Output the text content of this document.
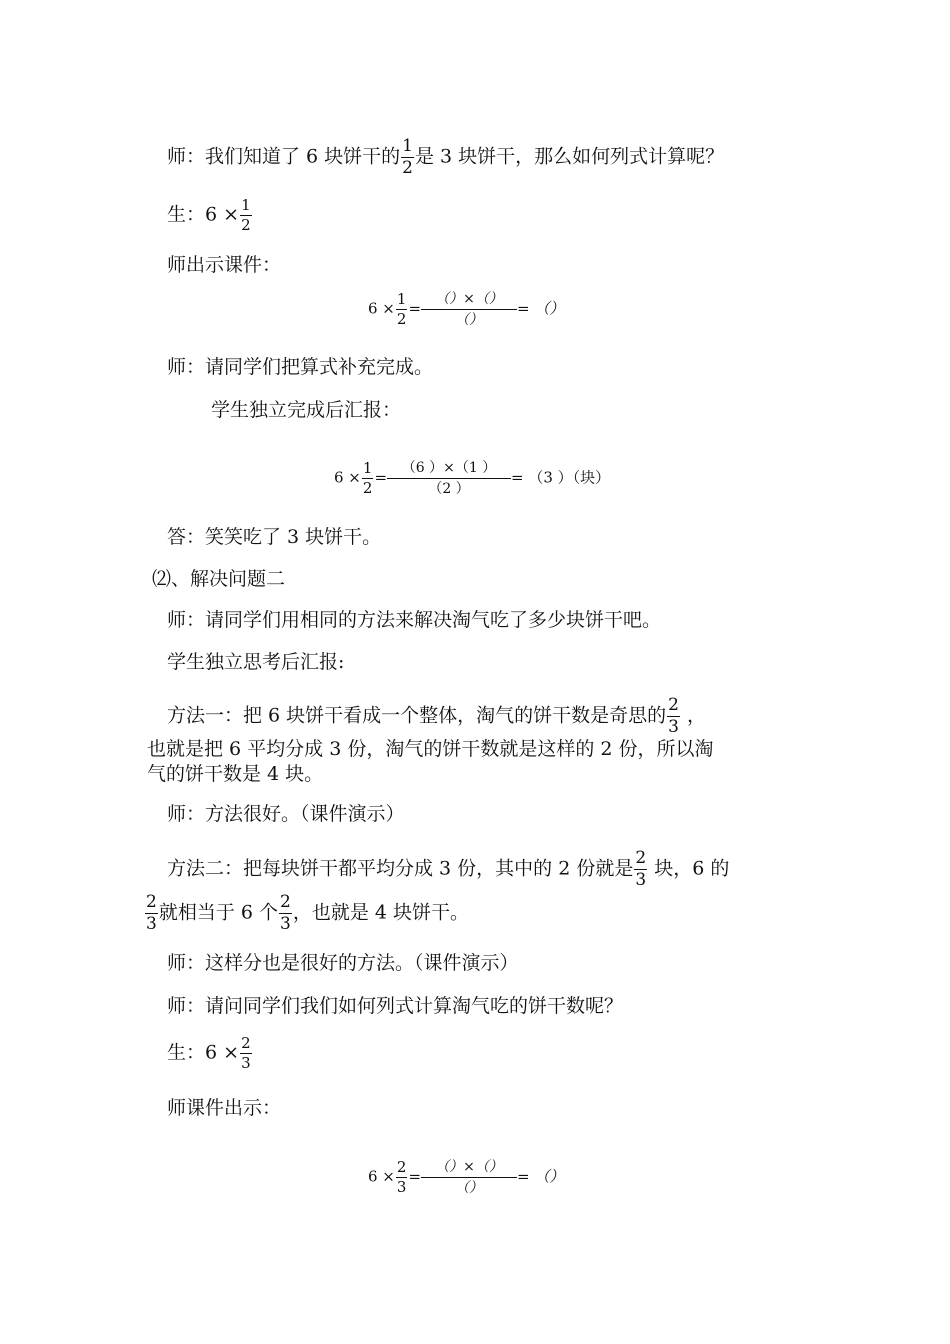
师：我们知道了 6 块饼干的 $\frac{1}{2}$ 是 3 块饼干，那么如何列式计算呢？
生：$6 \times \frac{1}{2}$
师出示课件：
$6 \times \frac{1}{2} = \frac{()\times()}{()}$ = （）
师：请同学们把算式补充完成。
学生独立完成后汇报：
$6 \times \frac{1}{2} = \frac{(6 )\times(1 )}{(2 )} = (3$ ）（块）
答：笑笑吃了 3 块饼干。
⑵、解决问题二
师：请同学们用相同的方法来解决淘气吃了多少块饼干吧。
学生独立思考后汇报:
方法一：把 6 块饼干看成一个整体，淘气的饼干数是奇思的 $\frac{2}{3}$ ，
也就是把 6 平均分成 3 份，淘气的饼干数就是这样的 2 份，所以淘
气的饼干数是 4 块。
师：方法很好。（课件演示）
方法二：把每块饼干都平均分成 3 份，其中的 2 份就是 $\frac{2}{3}$ 块，6 的
$\frac{2}{3}$ 就相当于 6 个 $\frac{2}{3}$ ，也就是 4 块饼干。
师：这样分也是很好的方法。（课件演示）
师：请问同学们我们如何列式计算淘气吃的饼干数呢？
生：$6 \times \frac{2}{3}$
师课件出示：
$6 \times \frac{2}{3} = \frac{()\times()}{()}$ = （）
